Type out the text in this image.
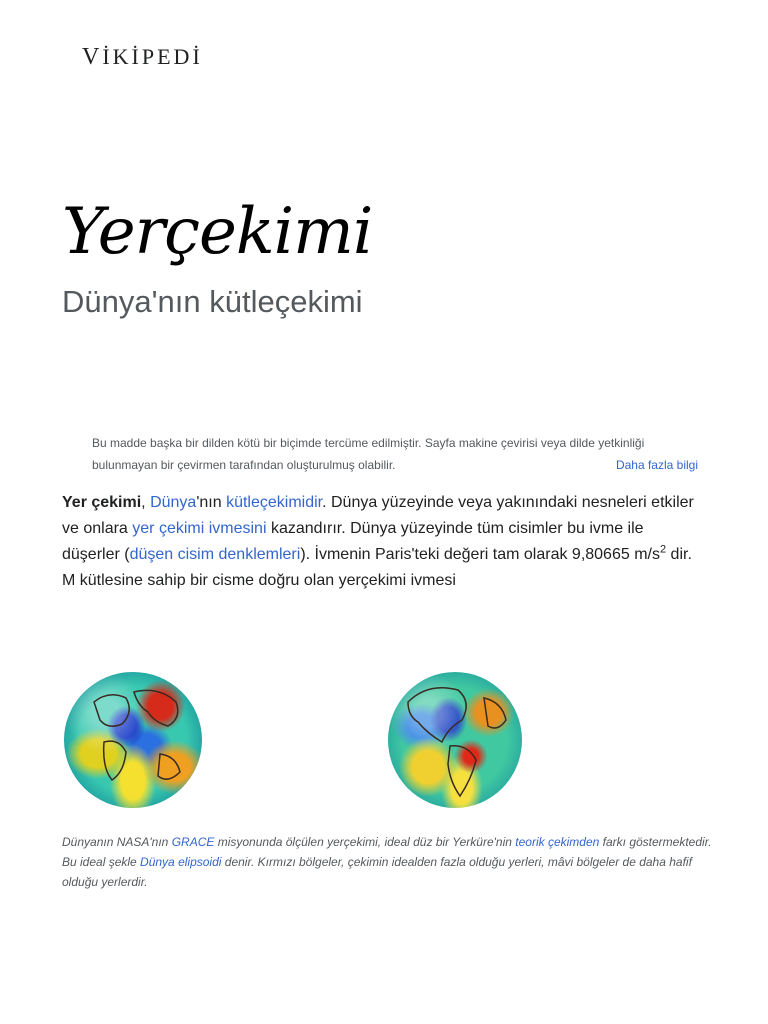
VİKİPEDİ
Yerçekimi
Dünya'nın kütleçekimi
Bu madde başka bir dilden kötü bir biçimde tercüme edilmiştir. Sayfa makine çevirisi veya dilde yetkinliği bulunmayan bir çevirmen tarafından oluşturulmuş olabilir.	Daha fazla bilgi

Yer çekimi, Dünya'nın kütleçekimidir. Dünya yüzeyinde veya yakınındaki nesneleri etkiler ve onlara yer çekimi ivmesini kazandırır. Dünya yüzeyinde tüm cisimler bu ivme ile düşerler (düşen cisim denklemleri). İvmenin Paris'teki değeri tam olarak 9,80665 $m/s^2$ dir. M kütlesine sahip bir cisme doğru olan yerçekimi ivmesi

Dünyanın NASA'nın GRACE misyonunda ölçülen yerçekimi, ideal düz bir Yerküre'nin teorik çekimden farkı göstermektedir. Bu ideal şekle Dünya elipsoidi denir. Kırmızı bölgeler, çekimin idealden fazla olduğu yerleri, mâvi bölgeler de daha hafif olduğu yerlerdir.
